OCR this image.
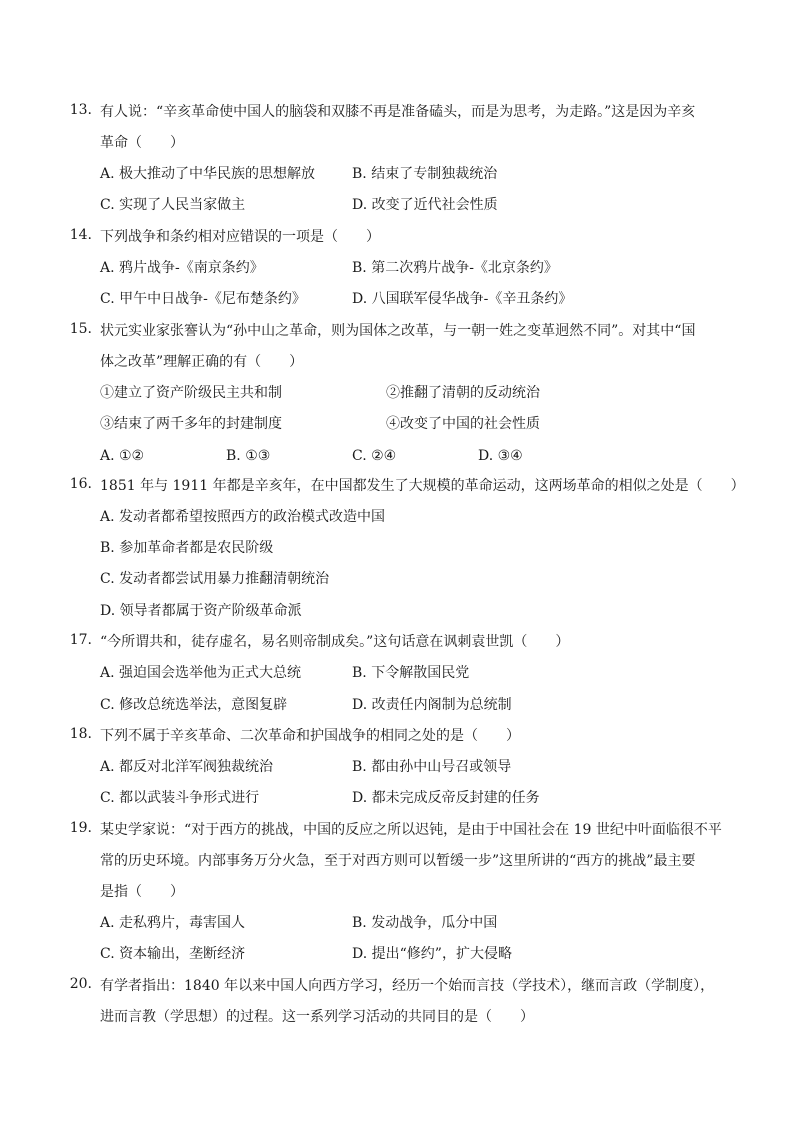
13. 有人说：“辛亥革命使中国人的脑袋和双膝不再是准备磕头，而是为思考，为走路。”这是因为辛亥
革命（　　）
A. 极大推动了中华民族的思想解放	B. 结束了专制独裁统治
C. 实现了人民当家做主	D. 改变了近代社会性质
14. 下列战争和条约相对应错误的一项是（　　）
A. 鸦片战争-《南京条约》	B. 第二次鸦片战争-《北京条约》
C. 甲午中日战争-《尼布楚条约》	D. 八国联军侵华战争-《辛丑条约》
15. 状元实业家张謇认为“孙中山之革命，则为国体之改革，与一朝一姓之变革迥然不同”。对其中“国
体之改革”理解正确的有（　　）
①建立了资产阶级民主共和制	②推翻了清朝的反动统治
③结束了两千多年的封建制度	④改变了中国的社会性质
A. ①②	B. ①③	C. ②④	D. ③④
16. 1851 年与 1911 年都是辛亥年，在中国都发生了大规模的革命运动，这两场革命的相似之处是（　　）
A. 发动者都希望按照西方的政治模式改造中国
B. 参加革命者都是农民阶级
C. 发动者都尝试用暴力推翻清朝统治
D. 领导者都属于资产阶级革命派
17. “今所谓共和，徒存虚名，易名则帝制成矣。”这句话意在讽刺袁世凯（　　）
A. 强迫国会选举他为正式大总统	B. 下令解散国民党
C. 修改总统选举法，意图复辟	D. 改责任内阁制为总统制
18. 下列不属于辛亥革命、二次革命和护国战争的相同之处的是（　　）
A. 都反对北洋军阀独裁统治	B. 都由孙中山号召或领导
C. 都以武装斗争形式进行	D. 都未完成反帝反封建的任务
19. 某史学家说：“对于西方的挑战，中国的反应之所以迟钝，是由于中国社会在 19 世纪中叶面临很不平
常的历史环境。内部事务万分火急，至于对西方则可以暂缓一步”这里所讲的“西方的挑战”最主要
是指（　　）
A. 走私鸦片，毒害国人	B. 发动战争，瓜分中国
C. 资本输出，垄断经济	D. 提出“修约”，扩大侵略
20. 有学者指出：1840 年以来中国人向西方学习，经历一个始而言技（学技术），继而言政（学制度），
进而言教（学思想）的过程。这一系列学习活动的共同目的是（　　）
